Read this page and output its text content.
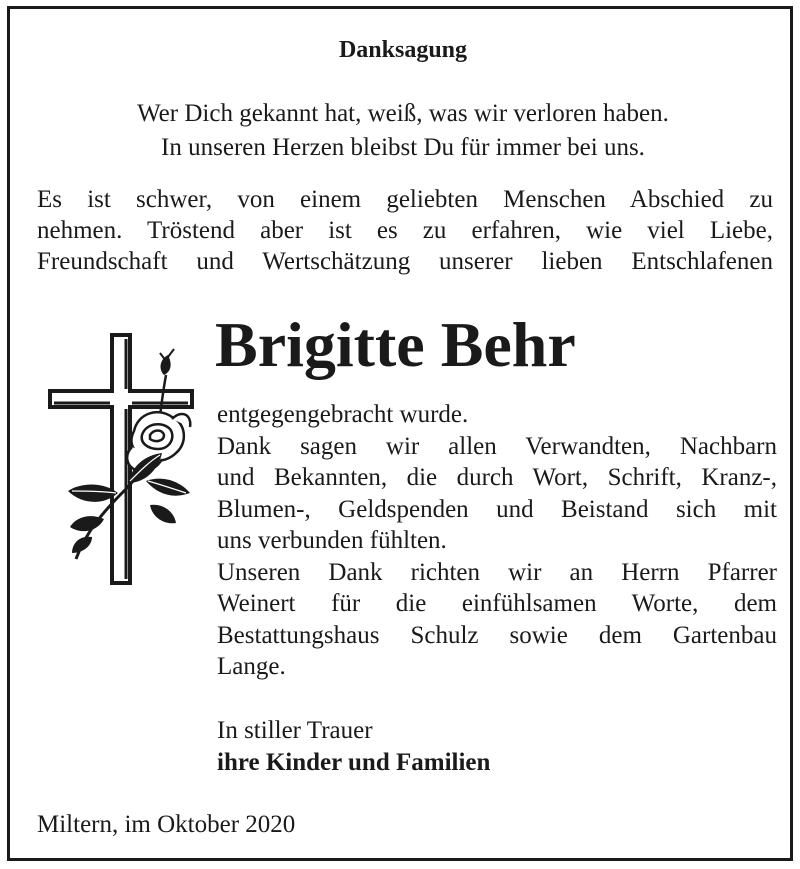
Danksagung
Wer Dich gekannt hat, weiß, was wir verloren haben.
In unseren Herzen bleibst Du für immer bei uns.
Es ist schwer, von einem geliebten Menschen Abschied zu
nehmen. Tröstend aber ist es zu erfahren, wie viel Liebe,
Freundschaft und Wertschätzung unserer lieben Entschlafenen
Brigitte Behr
entgegengebracht wurde.
Dank sagen wir allen Verwandten, Nachbarn
und Bekannten, die durch Wort, Schrift, Kranz-,
Blumen-, Geldspenden und Beistand sich mit
uns verbunden fühlten.
Unseren Dank richten wir an Herrn Pfarrer
Weinert für die einfühlsamen Worte, dem
Bestattungshaus Schulz sowie dem Gartenbau
Lange.
In stiller Trauer
ihre Kinder und Familien
Miltern, im Oktober 2020
